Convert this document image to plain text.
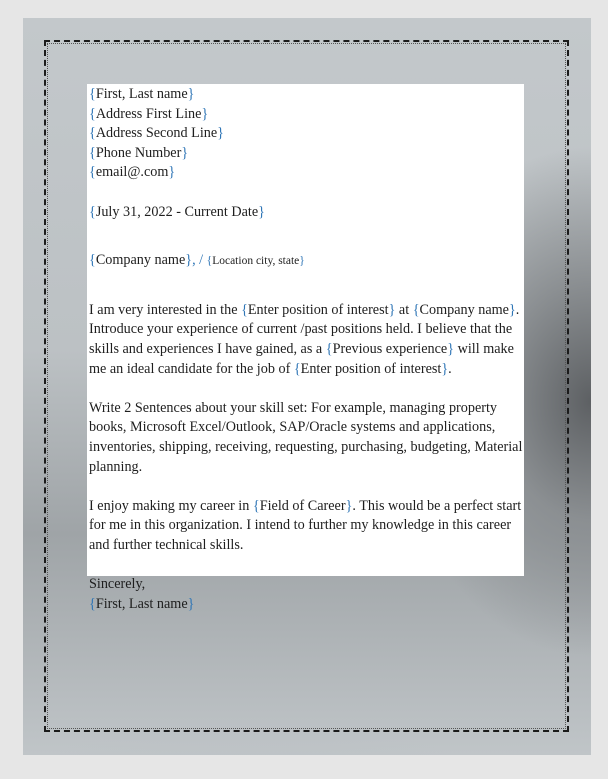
{First, Last name}
{Address First Line}
{Address Second Line}
{Phone Number}
{email@.com}
{July 31, 2022 - Current Date}
{Company name}, / {Location city, state}

I am very interested in the {Enter position of interest} at {Company name}. Introduce your experience of current /past positions held. I believe that the skills and experiences I have gained, as a {Previous experience} will make me an ideal candidate for the job of {Enter position of interest}.

Write 2 Sentences about your skill set: For example, managing property books, Microsoft Excel/Outlook, SAP/Oracle systems and applications, inventories, shipping, receiving, requesting, purchasing, budgeting, Material planning.

I enjoy making my career in {Field of Career}. This would be a perfect start for me in this organization. I intend to further my knowledge in this career and further technical skills.

Sincerely,
{First, Last name}
